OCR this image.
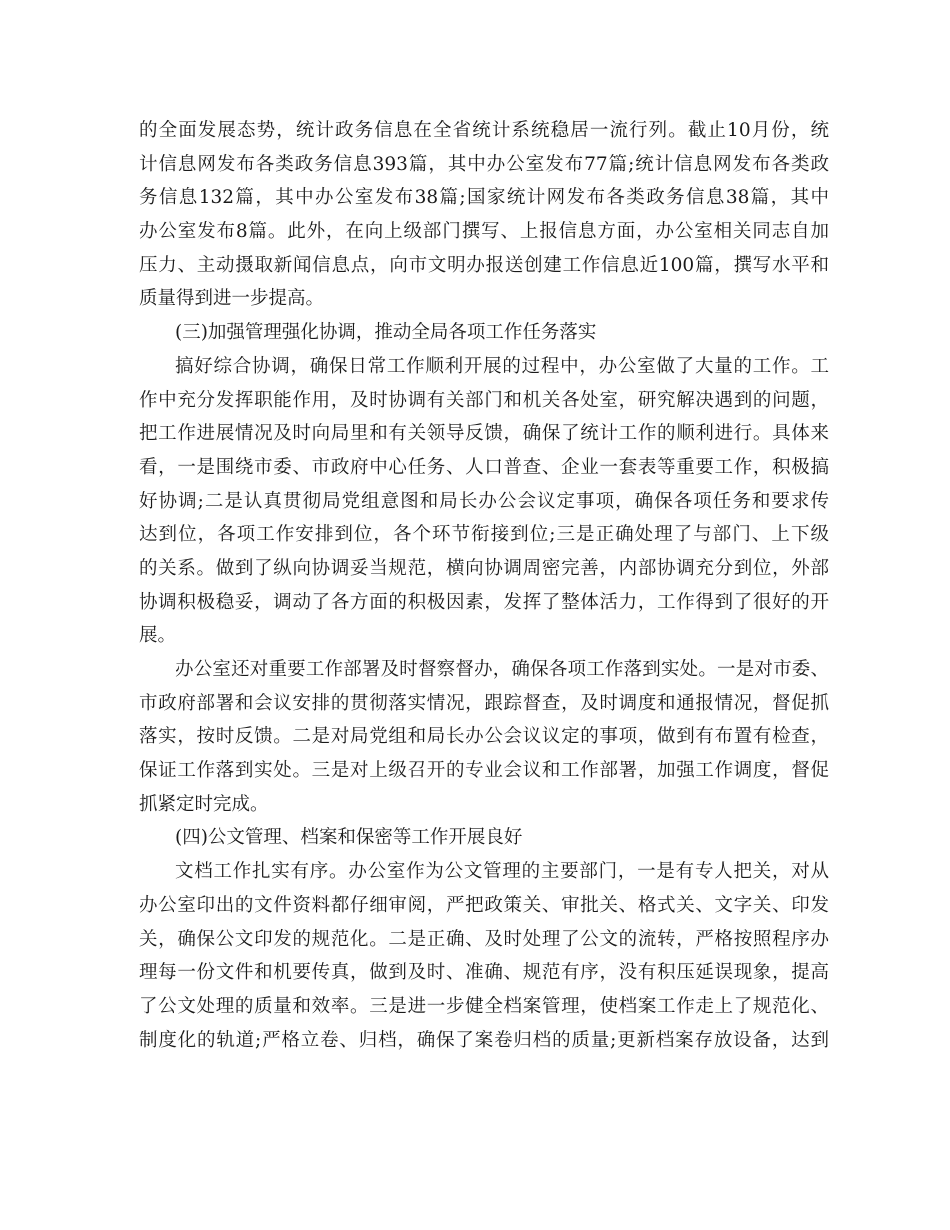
的全面发展态势，统计政务信息在全省统计系统稳居一流行列。截止10月份，统
计信息网发布各类政务信息393篇，其中办公室发布77篇;统计信息网发布各类政
务信息132篇，其中办公室发布38篇;国家统计网发布各类政务信息38篇，其中
办公室发布8篇。此外，在向上级部门撰写、上报信息方面，办公室相关同志自加
压力、主动摄取新闻信息点，向市文明办报送创建工作信息近100篇，撰写水平和
质量得到进一步提高。
(三)加强管理强化协调，推动全局各项工作任务落实
搞好综合协调，确保日常工作顺利开展的过程中，办公室做了大量的工作。工
作中充分发挥职能作用，及时协调有关部门和机关各处室，研究解决遇到的问题，
把工作进展情况及时向局里和有关领导反馈，确保了统计工作的顺利进行。具体来
看，一是围绕市委、市政府中心任务、人口普查、企业一套表等重要工作，积极搞
好协调;二是认真贯彻局党组意图和局长办公会议定事项，确保各项任务和要求传
达到位，各项工作安排到位，各个环节衔接到位;三是正确处理了与部门、上下级
的关系。做到了纵向协调妥当规范，横向协调周密完善，内部协调充分到位，外部
协调积极稳妥，调动了各方面的积极因素，发挥了整体活力，工作得到了很好的开
展。
办公室还对重要工作部署及时督察督办，确保各项工作落到实处。一是对市委、
市政府部署和会议安排的贯彻落实情况，跟踪督查，及时调度和通报情况，督促抓
落实，按时反馈。二是对局党组和局长办公会议议定的事项，做到有布置有检查，
保证工作落到实处。三是对上级召开的专业会议和工作部署，加强工作调度，督促
抓紧定时完成。
(四)公文管理、档案和保密等工作开展良好
文档工作扎实有序。办公室作为公文管理的主要部门，一是有专人把关，对从
办公室印出的文件资料都仔细审阅，严把政策关、审批关、格式关、文字关、印发
关，确保公文印发的规范化。二是正确、及时处理了公文的流转，严格按照程序办
理每一份文件和机要传真，做到及时、准确、规范有序，没有积压延误现象，提高
了公文处理的质量和效率。三是进一步健全档案管理，使档案工作走上了规范化、
制度化的轨道;严格立卷、归档，确保了案卷归档的质量;更新档案存放设备，达到
